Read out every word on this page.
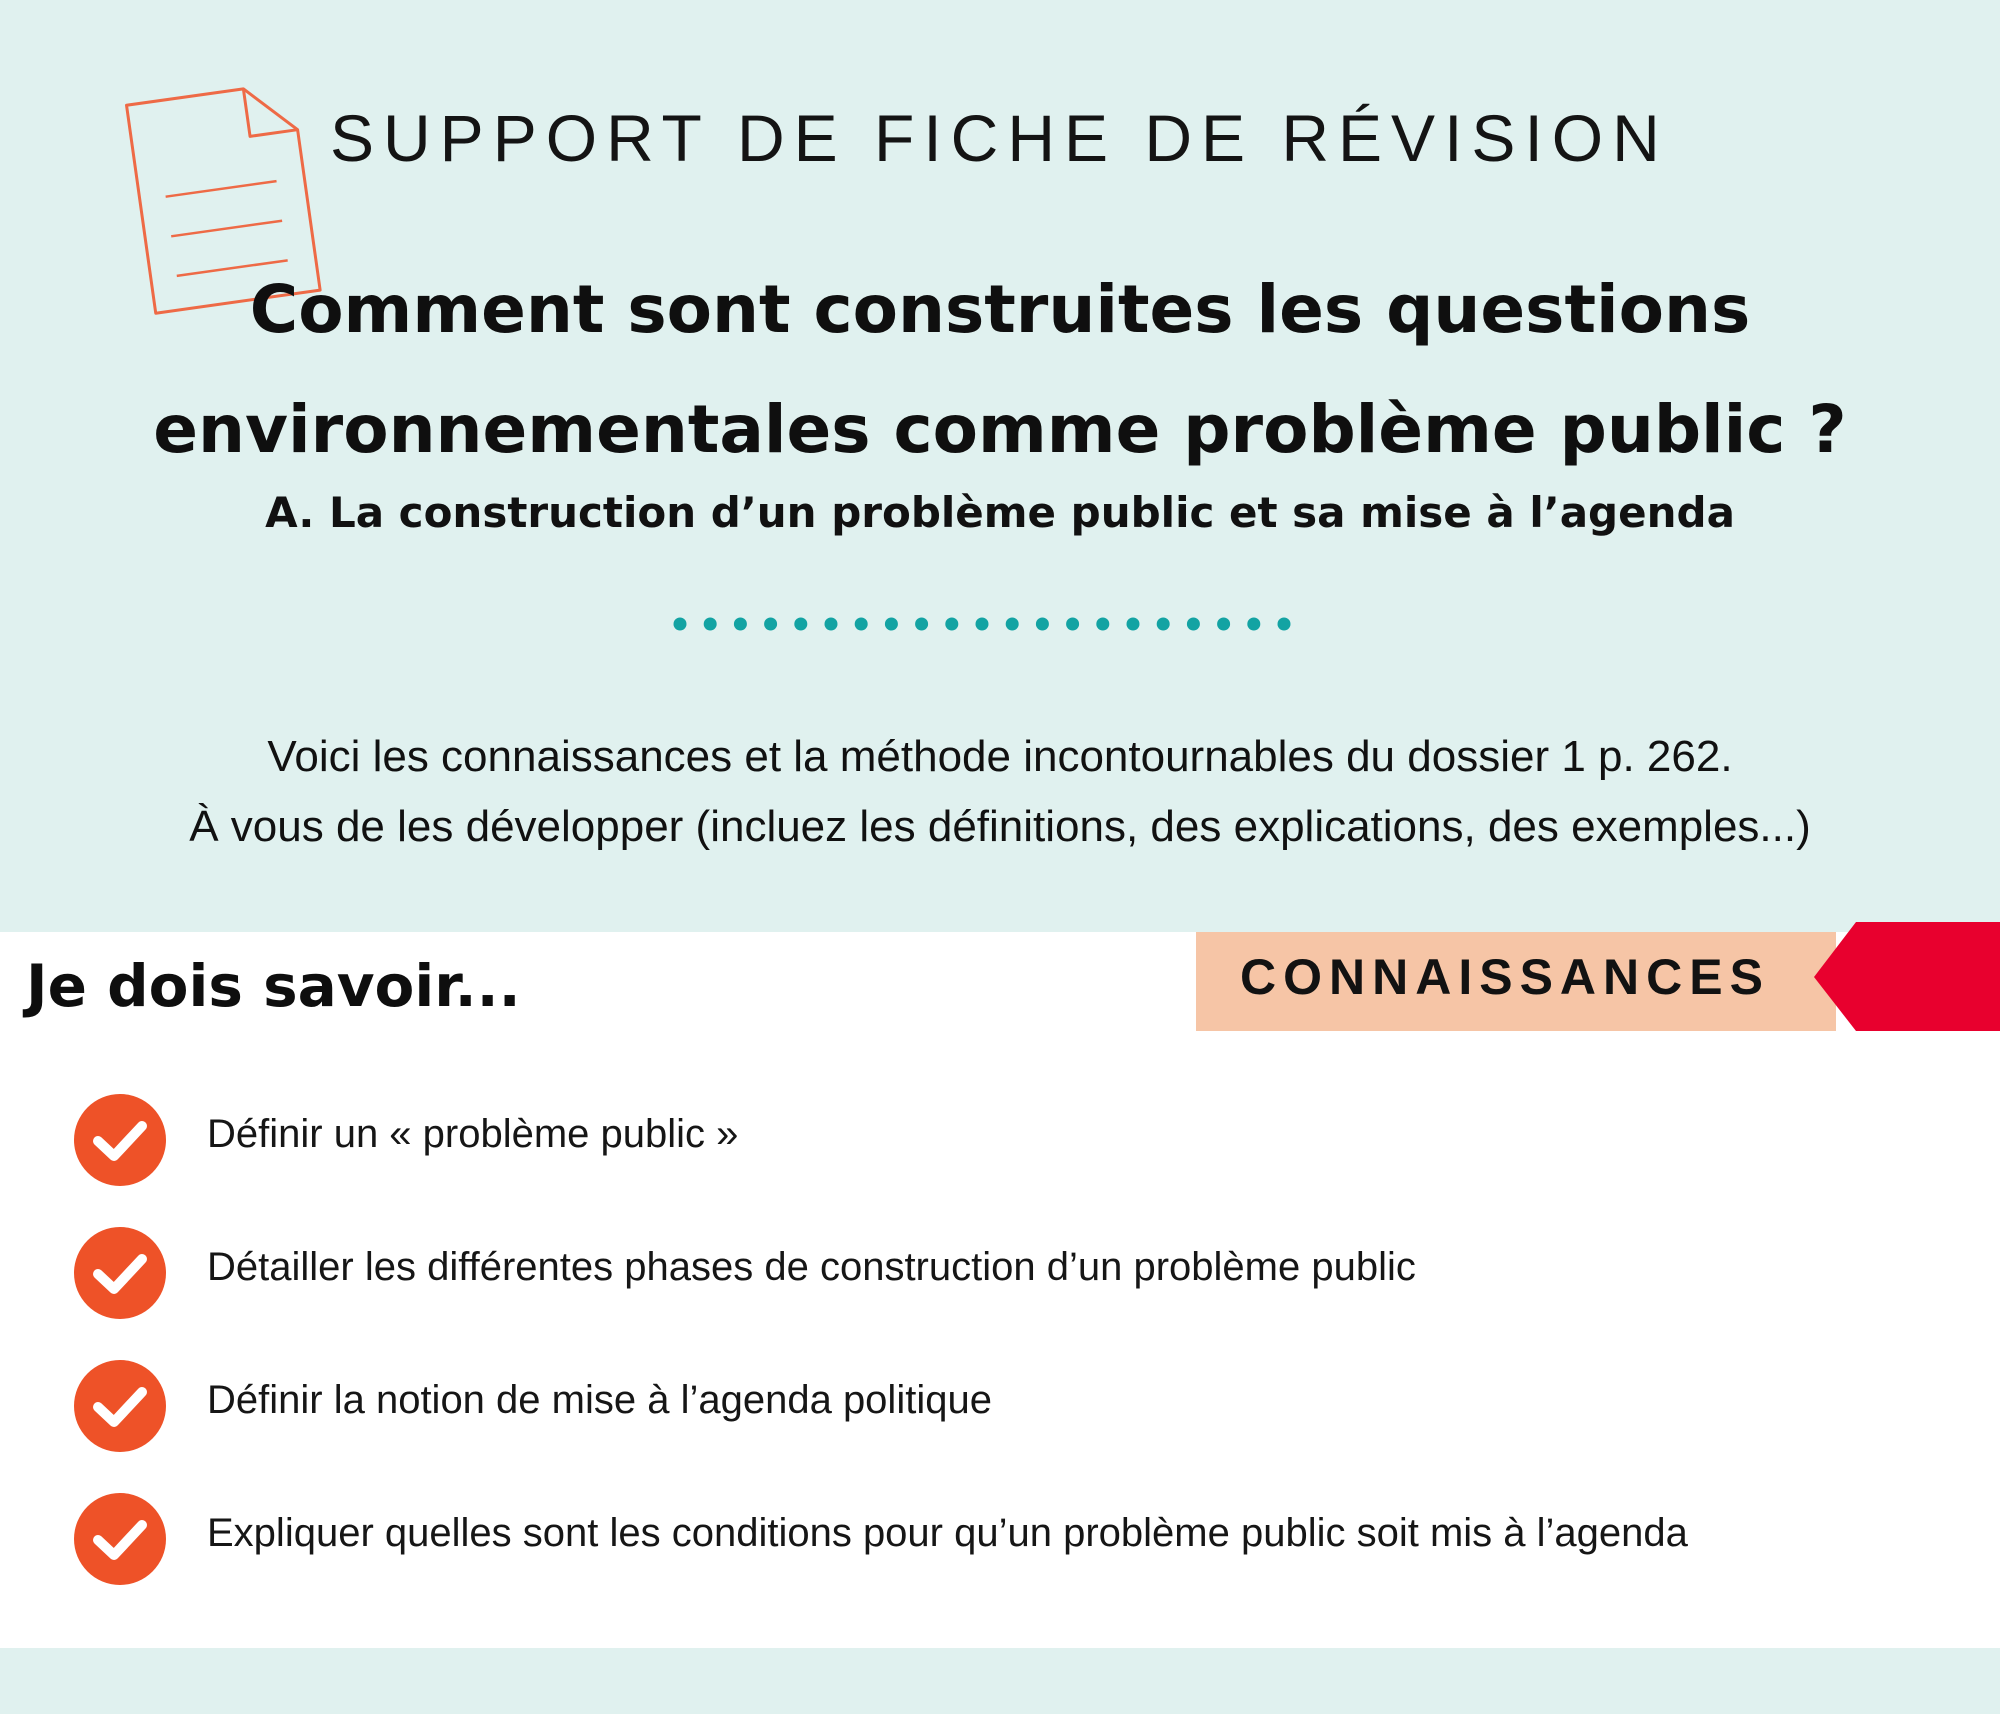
SUPPORT DE FICHE DE RÉVISION
Comment sont construites les questions
environnementales comme problème public ?
A. La construction d’un problème public et sa mise à l’agenda
Voici les connaissances et la méthode incontournables du dossier 1 p. 262.
À vous de les développer (incluez les définitions, des explications, des exemples...)
Je dois savoir...	CONNAISSANCES
Définir un « problème public »
Détailler les différentes phases de construction d’un problème public
Définir la notion de mise à l’agenda politique
Expliquer quelles sont les conditions pour qu’un problème public soit mis à l’agenda
